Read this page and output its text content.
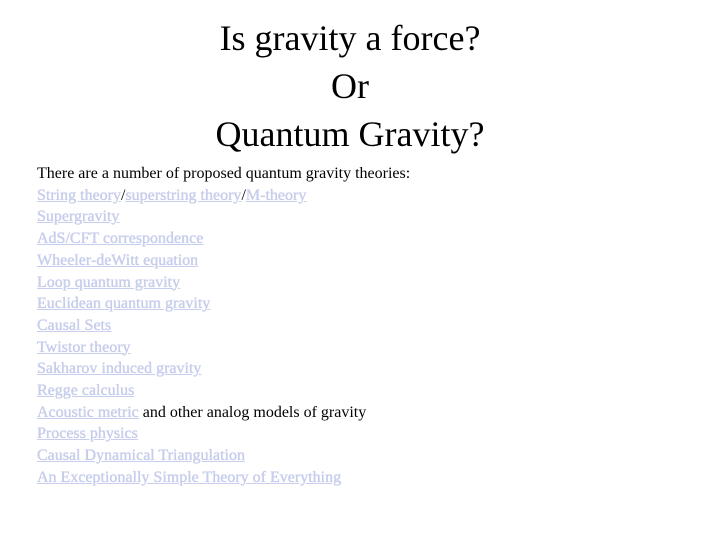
Is gravity a force?
Or
Quantum Gravity?
There are a number of proposed quantum gravity theories:
String theory/superstring theory/M-theory
Supergravity
AdS/CFT correspondence
Wheeler-deWitt equation
Loop quantum gravity
Euclidean quantum gravity
Causal Sets
Twistor theory
Sakharov induced gravity
Regge calculus
Acoustic metric and other analog models of gravity
Process physics
Causal Dynamical Triangulation
An Exceptionally Simple Theory of Everything
